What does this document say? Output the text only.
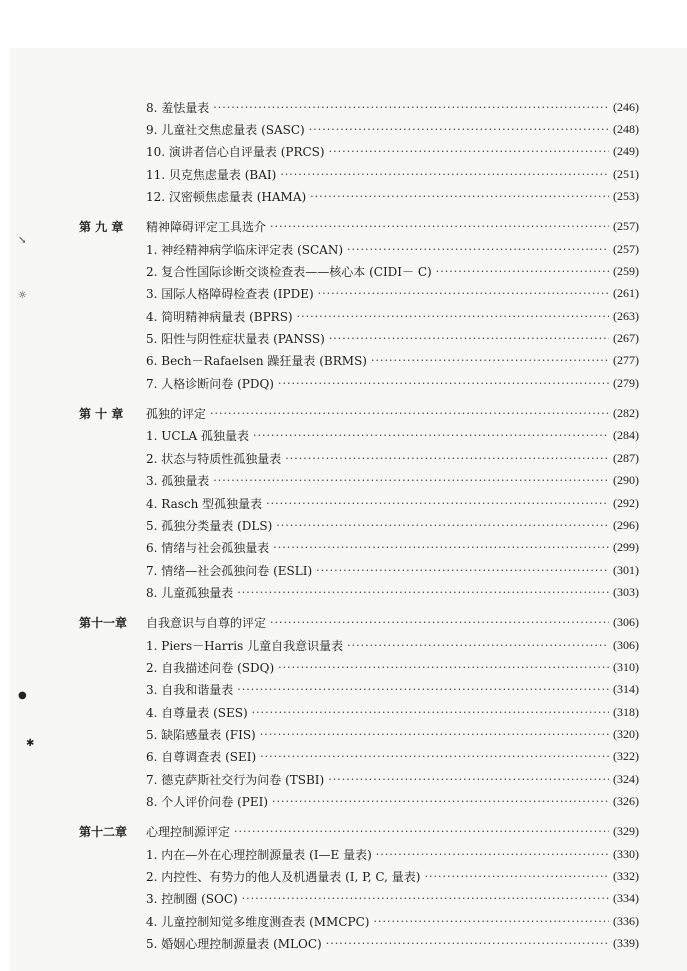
8. 羞怯量表 ·····	(246)
9. 儿童社交焦虑量表 (SASC) ·····	(248)
10. 演讲者信心自评量表 (PRCS) ·····	(249)
11. 贝克焦虑量表 (BAI) ·····	(251)
12. 汉密顿焦虑量表 (HAMA) ·····	(253)
第 九 章	精神障碍评定工具选介 ·····	(257)
1. 神经精神病学临床评定表 (SCAN) ·····	(257)
2. 复合性国际诊断交谈检查表——核心本 (CIDI－ C) ·····	(259)
3. 国际人格障碍检查表 (IPDE) ·····	(261)
4. 简明精神病量表 (BPRS) ·····	(263)
5. 阳性与阴性症状量表 (PANSS) ·····	(267)
6. Bech－Rafaelsen 躁狂量表 (BRMS) ·····	(277)
7. 人格诊断问卷 (PDQ) ·····	(279)
第 十 章	孤独的评定 ·····	(282)
1. UCLA 孤独量表 ·····	(284)
2. 状态与特质性孤独量表 ·····	(287)
3. 孤独量表 ·····	(290)
4. Rasch 型孤独量表 ·····	(292)
5. 孤独分类量表 (DLS) ·····	(296)
6. 情绪与社会孤独量表 ·····	(299)
7. 情绪—社会孤独问卷 (ESLI) ·····	(301)
8. 儿童孤独量表 ·····	(303)
第十一章	自我意识与自尊的评定 ·····	(306)
1. Piers－Harris 儿童自我意识量表 ·····	(306)
2. 自我描述问卷 (SDQ) ·····	(310)
3. 自我和谐量表 ·····	(314)
4. 自尊量表 (SES) ·····	(318)
5. 缺陷感量表 (FIS) ·····	(320)
6. 自尊调查表 (SEI) ·····	(322)
7. 德克萨斯社交行为问卷 (TSBI) ·····	(324)
8. 个人评价问卷 (PEI) ·····	(326)
第十二章	心理控制源评定 ·····	(329)
1. 内在—外在心理控制源量表 (I—E 量表) ·····	(330)
2. 内控性、有势力的他人及机遇量表 (I, P, C, 量表) ·····	(332)
3. 控制圈 (SOC) ·····	(334)
4. 儿童控制知觉多维度测查表 (MMCPC) ·····	(336)
5. 婚姻心理控制源量表 (MLOC) ·····	(339)
↘
☼
●
✱
